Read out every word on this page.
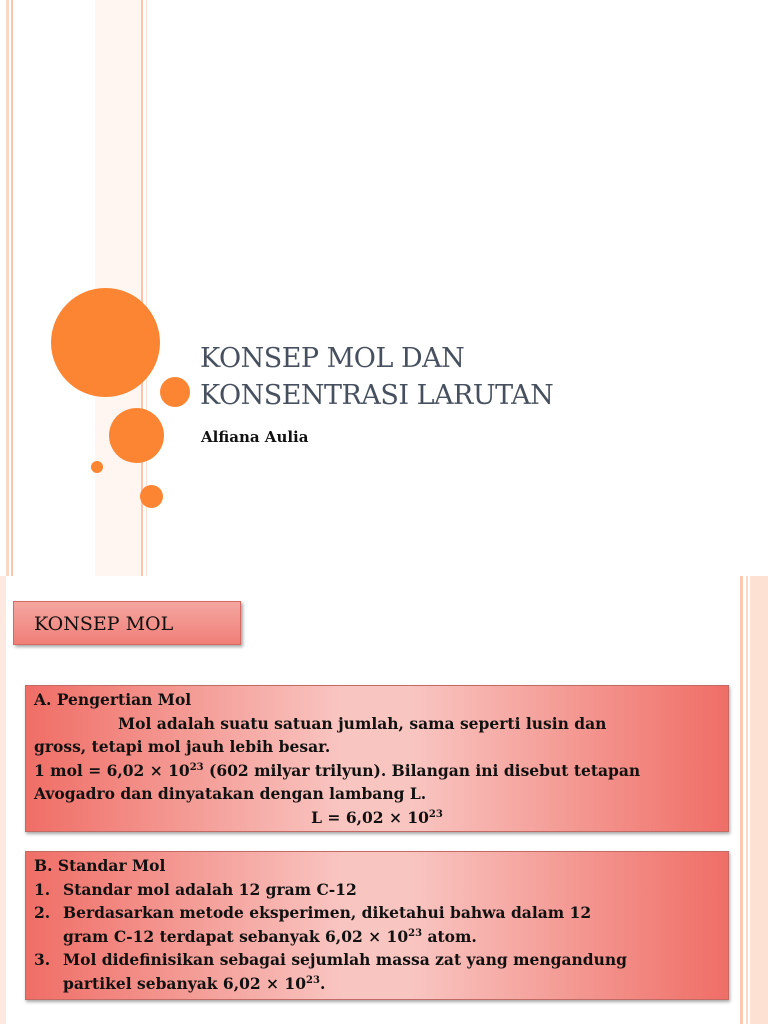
KONSEP MOL DAN
KONSENTRASI LARUTAN
Alfiana Aulia
KONSEP MOL
A. Pengertian Mol
Mol adalah suatu satuan jumlah, sama seperti lusin dan
gross, tetapi mol jauh lebih besar.
1 mol = $6,02 \times 10^{23}$ (602 milyar trilyun). Bilangan ini disebut tetapan
Avogadro dan dinyatakan dengan lambang L.
$L = 6,02 \times 10^{23}$
B. Standar Mol
1. Standar mol adalah 12 gram C-12
2. Berdasarkan metode eksperimen, diketahui bahwa dalam 12
gram C-12 terdapat sebanyak $6,02 \times 10^{23}$ atom.
3. Mol didefinisikan sebagai sejumlah massa zat yang mengandung
partikel sebanyak $6,02 \times 10^{23}$.
